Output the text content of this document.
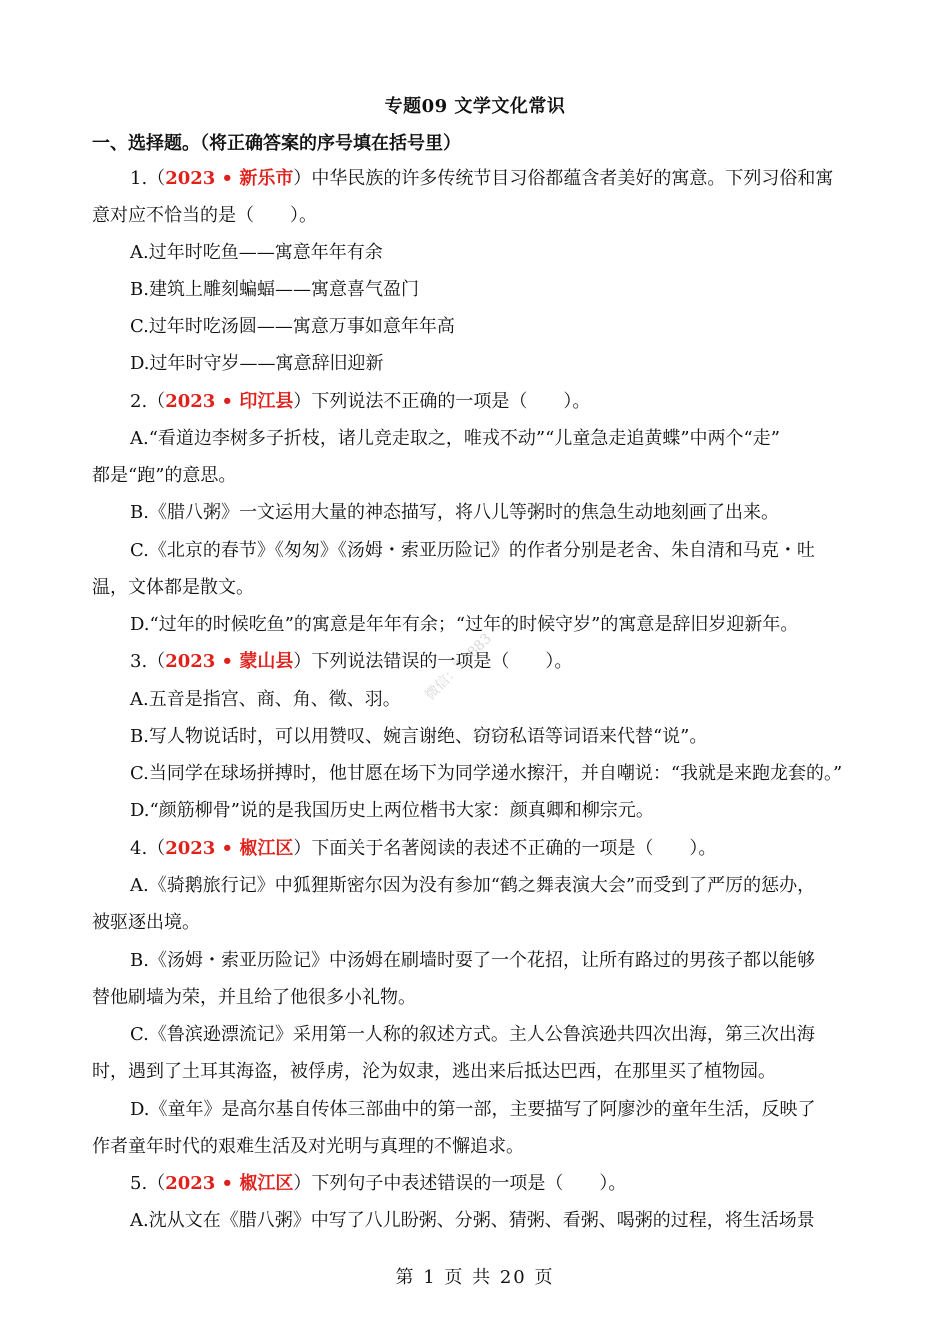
微信：T1883
专题09 文学文化常识
一、选择题。（将正确答案的序号填在括号里）
1.（2023 • 新乐市）中华民族的许多传统节目习俗都蕴含者美好的寓意。下列习俗和寓
意对应不恰当的是（　　）。
A.过年时吃鱼——寓意年年有余
B.建筑上雕刻蝙蝠——寓意喜气盈门
C.过年时吃汤圆——寓意万事如意年年高
D.过年时守岁——寓意辞旧迎新
2.（2023 • 印江县）下列说法不正确的一项是（　　）。
A.“看道边李树多子折枝，诸儿竞走取之，唯戎不动”“儿童急走追黄蝶”中两个“走”
都是“跑”的意思。
B.《腊八粥》一文运用大量的神态描写，将八儿等粥时的焦急生动地刻画了出来。
C.《北京的春节》《匆匆》《汤姆・索亚历险记》的作者分别是老舍、朱自清和马克・吐
温，文体都是散文。
D.“过年的时候吃鱼”的寓意是年年有余；“过年的时候守岁”的寓意是辞旧岁迎新年。
3.（2023 • 蒙山县）下列说法错误的一项是（　　）。
A.五音是指宫、商、角、徵、羽。
B.写人物说话时，可以用赞叹、婉言谢绝、窃窃私语等词语来代替“说”。
C.当同学在球场拼搏时，他甘愿在场下为同学递水擦汗，并自嘲说：“我就是来跑龙套的。”
D.“颜筋柳骨”说的是我国历史上两位楷书大家：颜真卿和柳宗元。
4.（2023 • 椒江区）下面关于名著阅读的表述不正确的一项是（　　）。
A.《骑鹅旅行记》中狐狸斯密尔因为没有参加“鹤之舞表演大会”而受到了严厉的惩办，
被驱逐出境。
B.《汤姆・索亚历险记》中汤姆在刷墙时耍了一个花招，让所有路过的男孩子都以能够
替他刷墙为荣，并且给了他很多小礼物。
C.《鲁滨逊漂流记》采用第一人称的叙述方式。主人公鲁滨逊共四次出海，第三次出海
时，遇到了土耳其海盗，被俘虏，沦为奴隶，逃出来后抵达巴西，在那里买了植物园。
D.《童年》是高尔基自传体三部曲中的第一部，主要描写了阿廖沙的童年生活，反映了
作者童年时代的艰难生活及对光明与真理的不懈追求。
5.（2023 • 椒江区）下列句子中表述错误的一项是（　　）。
A.沈从文在《腊八粥》中写了八儿盼粥、分粥、猜粥、看粥、喝粥的过程，将生活场景
第 1 页 共 20 页
